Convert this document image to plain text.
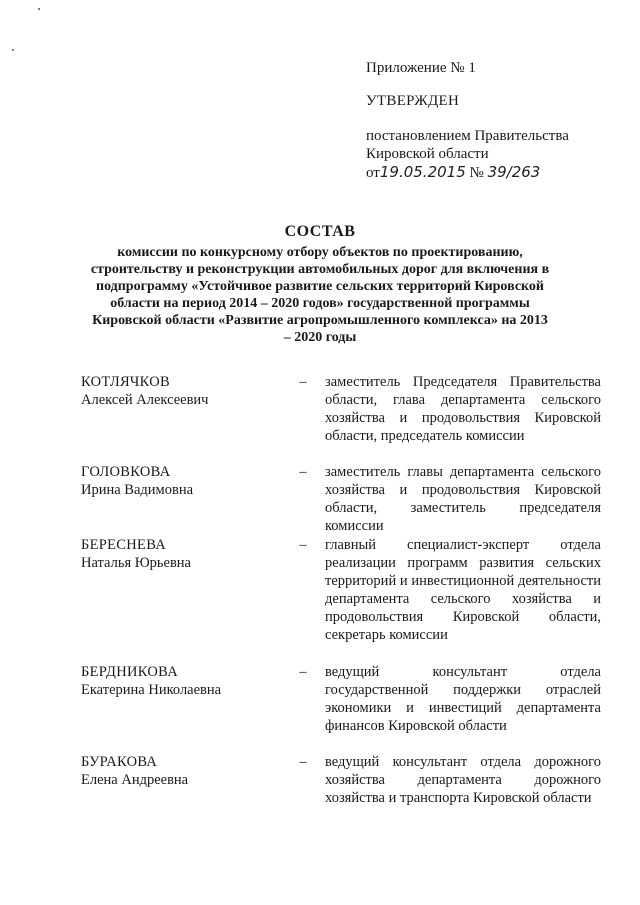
Приложение № 1
УТВЕРЖДЕН
постановлением Правительства
Кировской области
от19.05.2015 № 39/263
СОСТАВ
комиссии по конкурсному отбору объектов по проектированию, строительству и реконструкции автомобильных дорог для включения в подпрограмму «Устойчивое развитие сельских территорий Кировской области на период 2014 – 2020 годов» государственной программы Кировской области «Развитие агропромышленного комплекса» на 2013 – 2020 годы
КОТЛЯЧКОВ
Алексей Алексеевич
– заместитель Председателя Правительства области, глава департамента сельского хозяйства и продовольствия Кировской области, председатель комиссии
ГОЛОВКОВА
Ирина Вадимовна
– заместитель главы департамента сельского хозяйства и продовольствия Кировской области, заместитель председателя комиссии
БЕРЕСНЕВА
Наталья Юрьевна
– главный специалист-эксперт отдела реализации программ развития сельских территорий и инвестиционной деятельности департамента сельского хозяйства и продовольствия Кировской области, секретарь комиссии
БЕРДНИКОВА
Екатерина Николаевна
– ведущий консультант отдела государственной поддержки отраслей экономики и инвестиций департамента финансов Кировской области
БУРАКОВА
Елена Андреевна
– ведущий консультант отдела дорожного хозяйства департамента дорожного хозяйства и транспорта Кировской области
